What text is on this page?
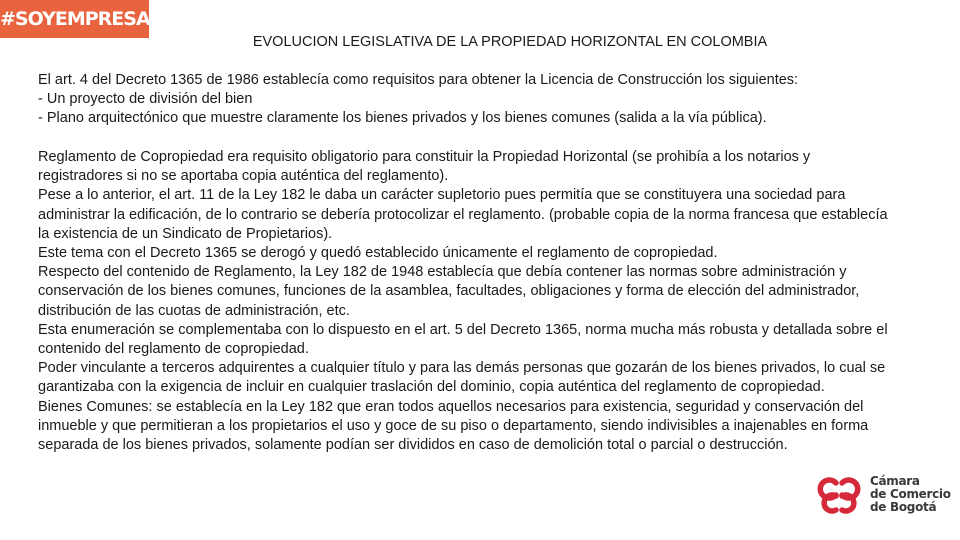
#SOYEMPRESARIO
EVOLUCION LEGISLATIVA DE LA PROPIEDAD HORIZONTAL EN COLOMBIA

El art. 4 del Decreto 1365 de 1986 establecía como requisitos para obtener la Licencia de Construcción los siguientes:

- Un proyecto de división del bien

- Plano arquitectónico que muestre claramente los bienes privados y los bienes comunes (salida a la vía pública).

Reglamento de Copropiedad era requisito obligatorio para constituir la Propiedad Horizontal (se prohibía a los notarios y

registradores si no se aportaba copia auténtica del reglamento).

Pese a lo anterior, el art. 11 de la Ley 182 le daba un carácter supletorio pues permitía que se constituyera una sociedad para

administrar la edificación, de lo contrario se debería protocolizar el reglamento. (probable copia de la norma francesa que establecía

la existencia de un Sindicato de Propietarios).

Este tema con el Decreto 1365 se derogó y quedó establecido únicamente el reglamento de copropiedad.

Respecto del contenido de Reglamento, la Ley 182 de 1948 establecía que debía contener las normas sobre administración y

conservación de los bienes comunes, funciones de la asamblea, facultades, obligaciones y forma de elección del administrador,

distribución de las cuotas de administración, etc.

Esta enumeración se complementaba con lo dispuesto en el art. 5 del Decreto 1365, norma mucha más robusta y detallada sobre el

contenido del reglamento de copropiedad.

Poder vinculante a terceros adquirentes a cualquier título y para las demás personas que gozarán de los bienes privados, lo cual se

garantizaba con la exigencia de incluir en cualquier traslación del dominio, copia auténtica del reglamento de copropiedad.

Bienes Comunes: se establecía en la Ley 182 que eran todos aquellos necesarios para existencia, seguridad y conservación del

inmueble y que permitieran a los propietarios el uso y goce de su piso o departamento, siendo indivisibles a inajenables en forma

separada de los bienes privados, solamente podían ser divididos en caso de demolición total o parcial o destrucción.

Cámara
de Comercio
de Bogotá
